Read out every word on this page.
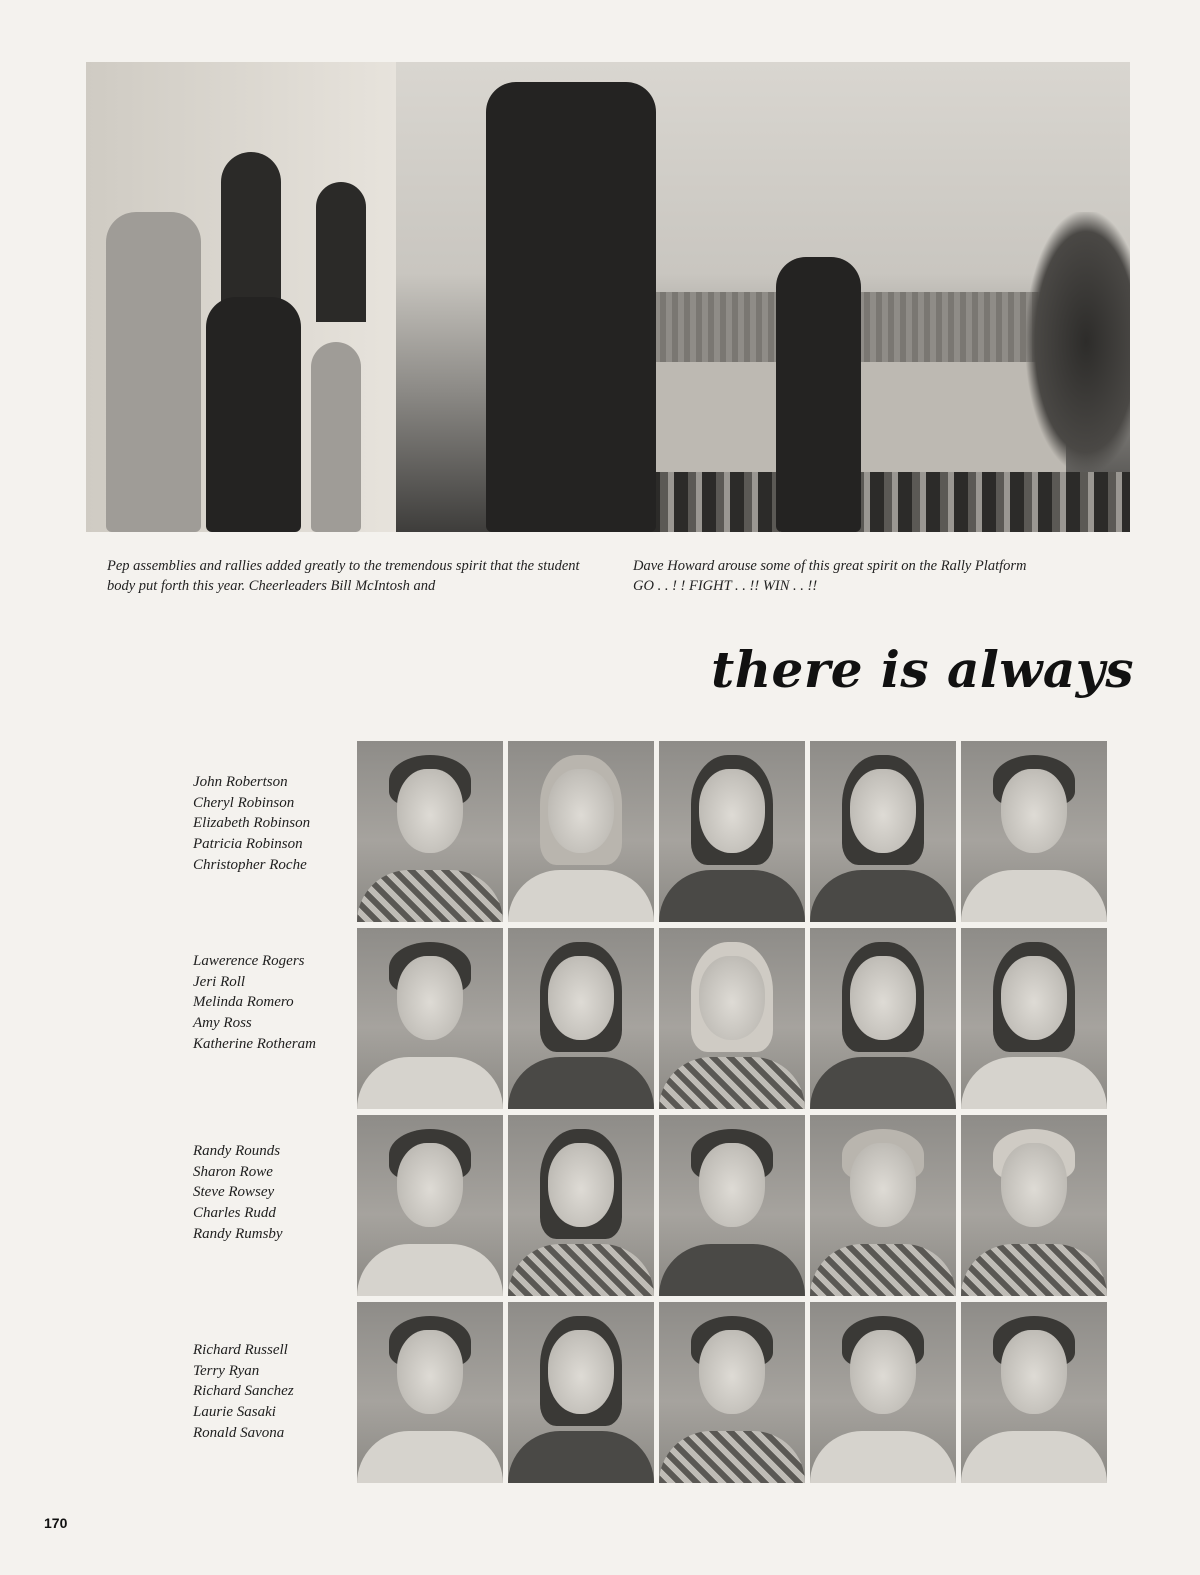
Pep assemblies and rallies added greatly to the tremendous spirit that the student body put forth this year. Cheerleaders Bill McIntosh and
Dave Howard arouse some of this great spirit on the Rally Platform
GO . . ! ! FIGHT . . !! WIN . . !!
there is always
John Robertson
Cheryl Robinson
Elizabeth Robinson
Patricia Robinson
Christopher Roche
Lawerence Rogers
Jeri Roll
Melinda Romero
Amy Ross
Katherine Rotheram
Randy Rounds
Sharon Rowe
Steve Rowsey
Charles Rudd
Randy Rumsby
Richard Russell
Terry Ryan
Richard Sanchez
Laurie Sasaki
Ronald Savona
170
